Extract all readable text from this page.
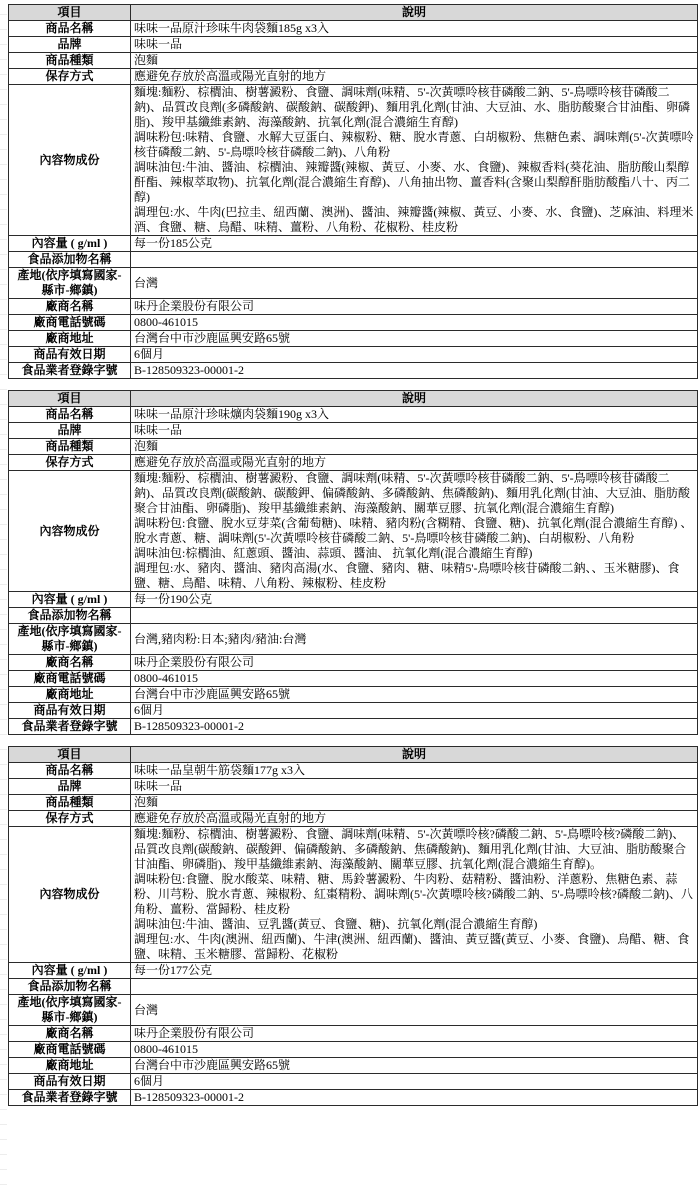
項目	說明
商品名稱	味味一品原汁珍味牛肉袋麵185g x3入
品牌	味味一品
商品種類	泡麵
保存方式	應避免存放於高溫或陽光直射的地方
內容物成份	麵塊:麵粉、棕櫚油、樹薯澱粉、食鹽、調味劑(味精、5'-次黃嘌呤核苷磷酸二鈉、5'-鳥嘌呤核苷磷酸二鈉)、品質改良劑(多磷酸鈉、碳酸鈉、碳酸鉀)、麵用乳化劑(甘油、大豆油、水、脂肪酸聚合甘油酯、卵磷脂)、羧甲基纖維素鈉、海藻酸鈉、抗氧化劑(混合濃縮生育醇)
調味粉包:味精、食鹽、水解大豆蛋白、辣椒粉、糖、脫水青蔥、白胡椒粉、焦糖色素、調味劑(5'-次黃嘌呤核苷磷酸二鈉、5'-鳥嘌呤核苷磷酸二鈉)、八角粉
調味油包:牛油、醬油、棕櫚油、辣瓣醬(辣椒、黃豆、小麥、水、食鹽)、辣椒香料(葵花油、脂肪酸山梨醇酐酯、辣椒萃取物)、抗氧化劑(混合濃縮生育醇)、八角抽出物、薑香料(含聚山梨醇酐脂肪酸酯八十、丙二醇)
調理包:水、牛肉(巴拉圭、紐西蘭、澳洲)、醬油、辣瓣醬(辣椒、黃豆、小麥、水、食鹽)、芝麻油、料理米酒、食鹽、糖、烏醋、味精、薑粉、八角粉、花椒粉、桂皮粉

內容量 ( g/ml )	每一份185公克
食品添加物名稱	
產地(依序填寫國家-縣市-鄉鎮)	台灣
廠商名稱	味丹企業股份有限公司
廠商電話號碼	0800-461015
廠商地址	台灣台中市沙鹿區興安路65號
商品有效日期	6個月
食品業者登錄字號	B-128509323-00001-2
項目	說明
商品名稱	味味一品原汁珍味爌肉袋麵190g x3入
品牌	味味一品
商品種類	泡麵
保存方式	應避免存放於高溫或陽光直射的地方
內容物成份	麵塊:麵粉、棕櫚油、樹薯澱粉、食鹽、調味劑(味精、5'-次黃嘌呤核苷磷酸二鈉、5'-鳥嘌呤核苷磷酸二鈉)、品質改良劑(碳酸鈉、碳酸鉀、偏磷酸鈉、多磷酸鈉、焦磷酸鈉)、麵用乳化劑(甘油、大豆油、脂肪酸聚合甘油酯、卵磷脂)、羧甲基纖維素鈉、海藻酸鈉、關華豆膠、抗氧化劑(混合濃縮生育醇)
調味粉包:食鹽、脫水豆芽菜(含葡萄糖)、味精、豬肉粉(含糊精、食鹽、糖)、抗氧化劑(混合濃縮生育醇) 、脫水青蔥、糖、調味劑(5'-次黃嘌呤核苷磷酸二鈉、5'-鳥嘌呤核苷磷酸二鈉)、白胡椒粉、八角粉
調味油包:棕櫚油、紅蔥頭、醬油、蒜頭、醬油、 抗氧化劑(混合濃縮生育醇)
調理包:水、豬肉、醬油、豬肉高湯(水、食鹽、豬肉、糖、味精5'-鳥嘌呤核苷磷酸二鈉、、玉米糖膠)、食鹽、糖、烏醋、味精、八角粉、辣椒粉、桂皮粉

內容量 ( g/ml )	每一份190公克
食品添加物名稱	
產地(依序填寫國家-縣市-鄉鎮)	台灣,豬肉粉:日本;豬肉/豬油:台灣
廠商名稱	味丹企業股份有限公司
廠商電話號碼	0800-461015
廠商地址	台灣台中市沙鹿區興安路65號
商品有效日期	6個月
食品業者登錄字號	B-128509323-00001-2
項目	說明
商品名稱	味味一品皇朝牛筋袋麵177g x3入
品牌	味味一品
商品種類	泡麵
保存方式	應避免存放於高溫或陽光直射的地方
內容物成份	麵塊:麵粉、棕櫚油、樹薯澱粉、食鹽、調味劑(味精、5'-次黃嘌呤核?磷酸二鈉、5'-鳥嘌呤核?磷酸二鈉)、品質改良劑(碳酸鈉、碳酸鉀、偏磷酸鈉、多磷酸鈉、焦磷酸鈉)、麵用乳化劑(甘油、大豆油、脂肪酸聚合甘油酯、卵磷脂)、羧甲基纖維素鈉、海藻酸鈉、關華豆膠、抗氧化劑(混合濃縮生育醇)。
調味粉包:食鹽、脫水酸菜、味精、糖、馬鈴薯澱粉、牛肉粉、菇精粉、醬油粉、洋蔥粉、焦糖色素、蒜粉、川芎粉、脫水青蔥、辣椒粉、紅棗精粉、調味劑(5'-次黃嘌呤核?磷酸二鈉、5'-鳥嘌呤核?磷酸二鈉)、八角粉、薑粉、當歸粉、桂皮粉
調味油包:牛油、醬油、豆乳醬(黃豆、食鹽、糖)、抗氧化劑(混合濃縮生育醇)
調理包:水、牛肉(澳洲、紐西蘭)、牛津(澳洲、紐西蘭)、醬油、黃豆醬(黃豆、小麥、食鹽)、烏醋、糖、食鹽、味精、玉米糖膠、當歸粉、花椒粉

內容量 ( g/ml )	每一份177公克
食品添加物名稱	
產地(依序填寫國家-縣市-鄉鎮)	台灣
廠商名稱	味丹企業股份有限公司
廠商電話號碼	0800-461015
廠商地址	台灣台中市沙鹿區興安路65號
商品有效日期	6個月
食品業者登錄字號	B-128509323-00001-2
